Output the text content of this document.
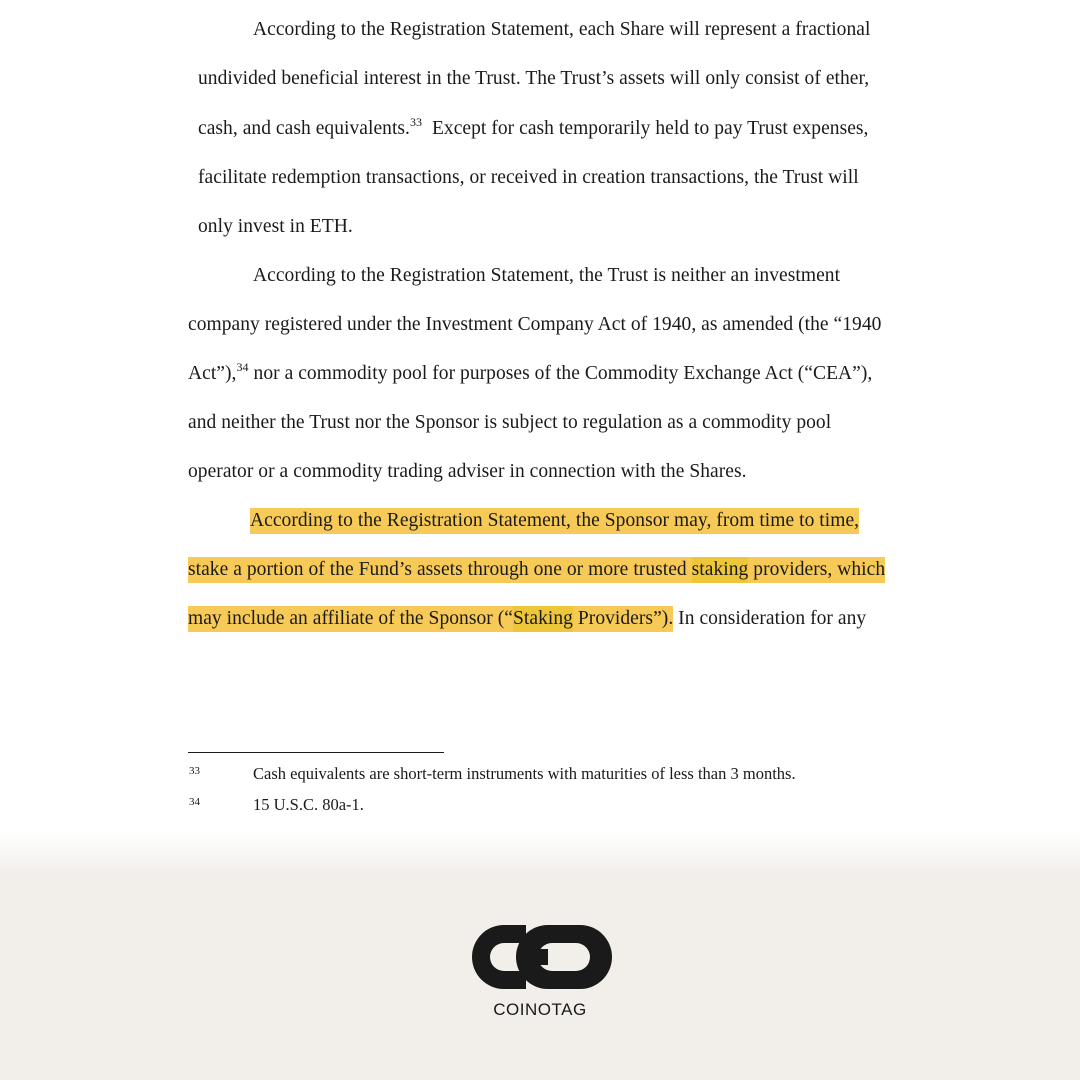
According to the Registration Statement, each Share will represent a fractional
undivided beneficial interest in the Trust. The Trust’s assets will only consist of ether,
cash, and cash equivalents.$^{33}$ Except for cash temporarily held to pay Trust expenses,
facilitate redemption transactions, or received in creation transactions, the Trust will
only invest in ETH.
According to the Registration Statement, the Trust is neither an investment
company registered under the Investment Company Act of 1940, as amended (the “1940
Act”),$^{34}$ nor a commodity pool for purposes of the Commodity Exchange Act (“CEA”),
and neither the Trust nor the Sponsor is subject to regulation as a commodity pool
operator or a commodity trading adviser in connection with the Shares.
According to the Registration Statement, the Sponsor may, from time to time,
stake a portion of the Fund’s assets through one or more trusted staking providers, which
may include an affiliate of the Sponsor (“Staking Providers”). In consideration for any
33	Cash equivalents are short-term instruments with maturities of less than 3 months.
34	15 U.S.C. 80a-1.
COINOTAG
